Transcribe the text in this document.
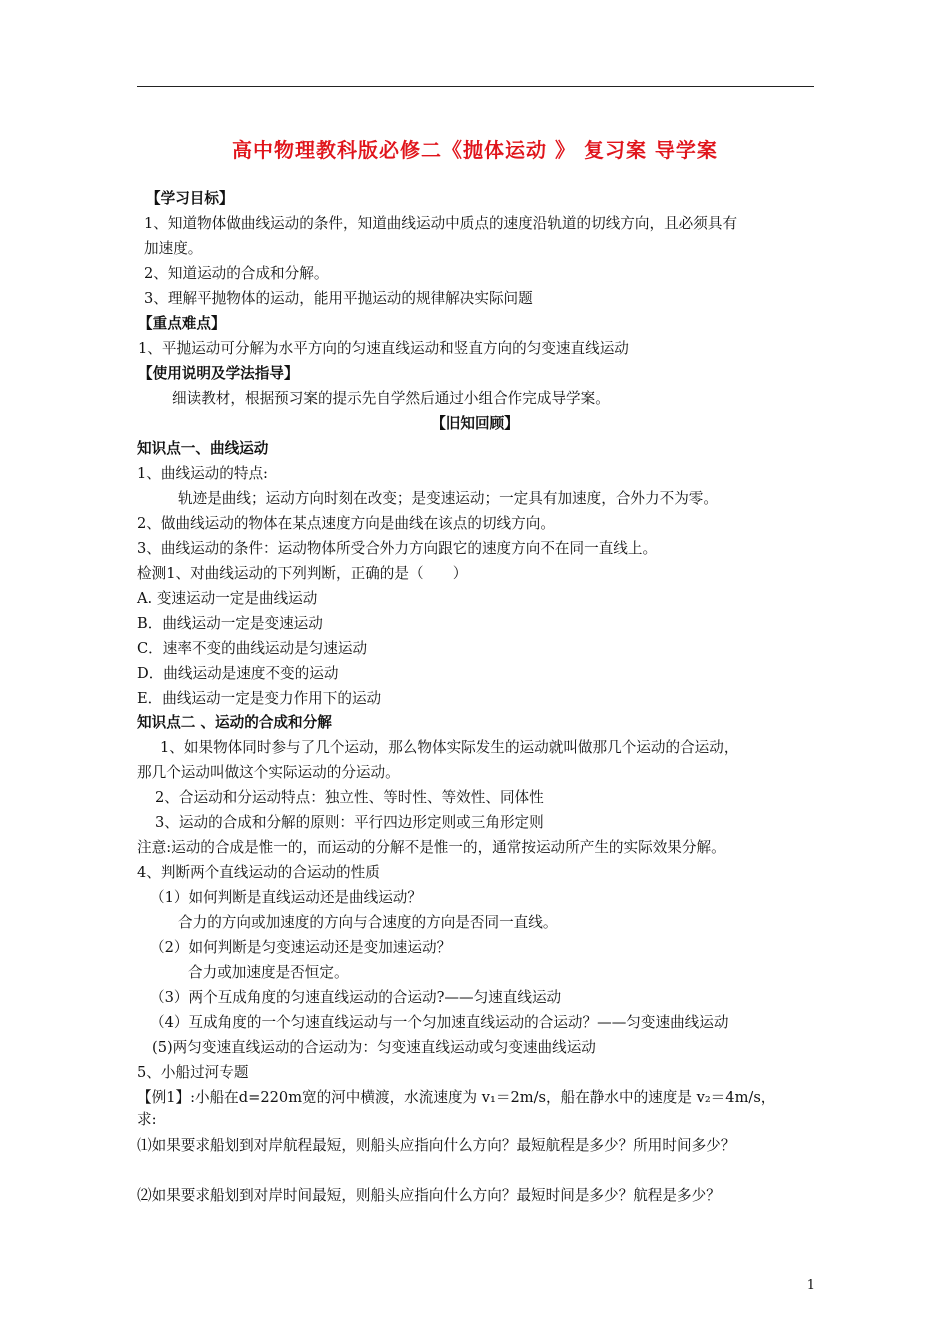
高中物理教科版必修二《抛体运动 》 复习案 导学案
【学习目标】
1、知道物体做曲线运动的条件，知道曲线运动中质点的速度沿轨道的切线方向，且必须具有
加速度。
2、知道运动的合成和分解。
3、理解平抛物体的运动，能用平抛运动的规律解决实际问题
【重点难点】
1、平抛运动可分解为水平方向的匀速直线运动和竖直方向的匀变速直线运动
【使用说明及学法指导】
细读教材，根据预习案的提示先自学然后通过小组合作完成导学案。
【旧知回顾】
知识点一、曲线运动
1、曲线运动的特点:
轨迹是曲线；运动方向时刻在改变；是变速运动；一定具有加速度，合外力不为零。
2、做曲线运动的物体在某点速度方向是曲线在该点的切线方向。
3、曲线运动的条件：运动物体所受合外力方向跟它的速度方向不在同一直线上。
检测1、对曲线运动的下列判断，正确的是（　　）
A. 变速运动一定是曲线运动
B．曲线运动一定是变速运动
C．速率不变的曲线运动是匀速运动
D．曲线运动是速度不变的运动
E．曲线运动一定是变力作用下的运动
知识点二 、运动的合成和分解
1、如果物体同时参与了几个运动，那么物体实际发生的运动就叫做那几个运动的合运动，
那几个运动叫做这个实际运动的分运动。
2、合运动和分运动特点：独立性、等时性、等效性、同体性
3、运动的合成和分解的原则：平行四边形定则或三角形定则
注意:运动的合成是惟一的，而运动的分解不是惟一的，通常按运动所产生的实际效果分解。
4、判断两个直线运动的合运动的性质
（1）如何判断是直线运动还是曲线运动？
合力的方向或加速度的方向与合速度的方向是否同一直线。
（2）如何判断是匀变速运动还是变加速运动？
合力或加速度是否恒定。
（3）两个互成角度的匀速直线运动的合运动?——匀速直线运动
（4）互成角度的一个匀速直线运动与一个匀加速直线运动的合运动？——匀变速曲线运动
(5)两匀变速直线运动的合运动为：匀变速直线运动或匀变速曲线运动
5、小船过河专题
【例1】:小船在d=220m宽的河中横渡，水流速度为 v₁＝2m/s，船在静水中的速度是 v₂＝4m/s，
求:
⑴如果要求船划到对岸航程最短，则船头应指向什么方向？最短航程是多少？所用时间多少？
⑵如果要求船划到对岸时间最短，则船头应指向什么方向？最短时间是多少？航程是多少？
1
